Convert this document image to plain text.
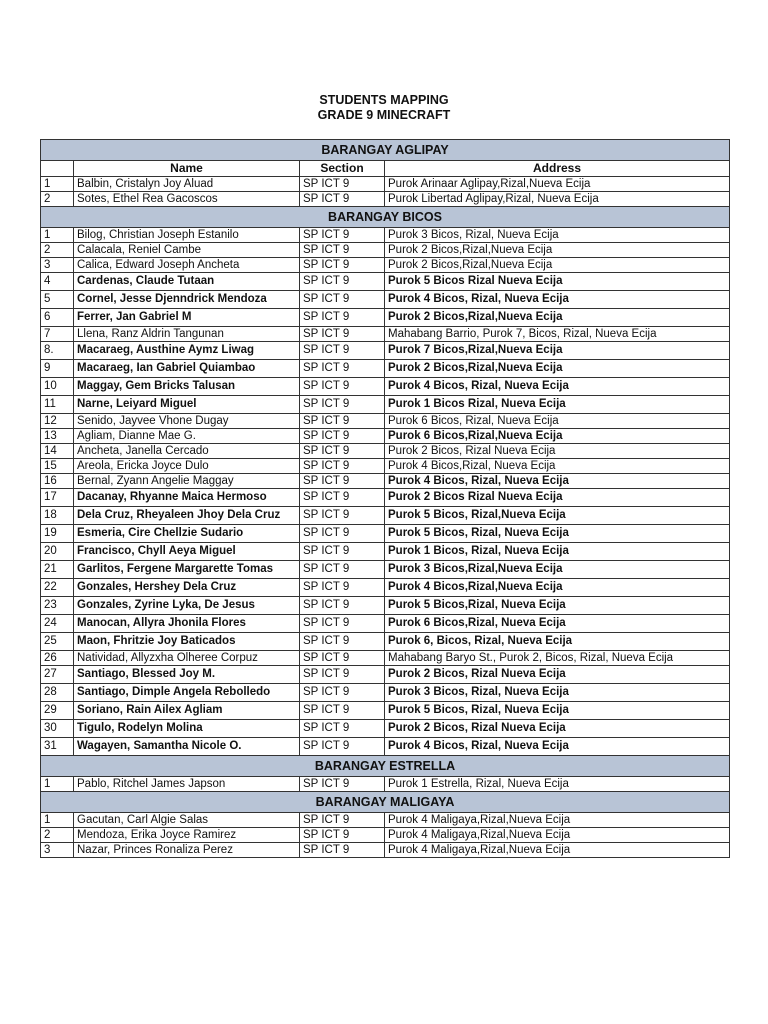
STUDENTS MAPPING
GRADE 9 MINECRAFT
BARANGAY AGLIPAY			
	Name	Section	Address
1	Balbin, Cristalyn Joy Aluad	SP ICT 9	Purok Arinaar Aglipay,Rizal,Nueva Ecija
2	Sotes, Ethel Rea Gacoscos	SP ICT 9	Purok Libertad Aglipay,Rizal, Nueva Ecija
BARANGAY BICOS			
1	Bilog, Christian Joseph Estanilo	SP ICT 9	Purok 3 Bicos, Rizal, Nueva Ecija
2	Calacala, Reniel Cambe	SP ICT 9	Purok 2 Bicos,Rizal,Nueva Ecija
3	Calica, Edward Joseph Ancheta	SP ICT 9	Purok 2 Bicos,Rizal,Nueva Ecija
4	Cardenas, Claude Tutaan	SP ICT 9	Purok 5 Bicos Rizal Nueva Ecija
5	Cornel, Jesse Djenndrick Mendoza	SP ICT 9	Purok 4 Bicos, Rizal, Nueva Ecija
6	Ferrer, Jan Gabriel M	SP ICT 9	Purok 2 Bicos,Rizal,Nueva Ecija
7	Llena, Ranz Aldrin Tangunan	SP ICT 9	Mahabang Barrio, Purok 7, Bicos, Rizal, Nueva Ecija
8.	Macaraeg, Austhine Aymz Liwag	SP ICT 9	Purok 7 Bicos,Rizal,Nueva Ecija
9	Macaraeg, Ian Gabriel Quiambao	SP ICT 9	Purok 2 Bicos,Rizal,Nueva Ecija
10	Maggay, Gem Bricks Talusan	SP ICT 9	Purok 4 Bicos, Rizal, Nueva Ecija
11	Narne, Leiyard Miguel	SP ICT 9	Purok 1 Bicos Rizal, Nueva Ecija
12	Senido, Jayvee Vhone Dugay	SP ICT 9	Purok 6 Bicos, Rizal, Nueva Ecija
13	Agliam, Dianne Mae G.	SP ICT 9	Purok 6 Bicos,Rizal,Nueva Ecija
14	Ancheta, Janella Cercado	SP ICT 9	Purok 2 Bicos, Rizal Nueva Ecija
15	Areola, Ericka Joyce Dulo	SP ICT 9	Purok 4 Bicos,Rizal, Nueva Ecija
16	Bernal, Zyann Angelie Maggay	SP ICT 9	Purok 4 Bicos, Rizal, Nueva Ecija
17	Dacanay, Rhyanne Maica Hermoso	SP ICT 9	Purok 2 Bicos Rizal Nueva Ecija
18	Dela Cruz, Rheyaleen Jhoy Dela Cruz	SP ICT 9	Purok 5 Bicos, Rizal,Nueva Ecija
19	Esmeria, Cire Chellzie Sudario	SP ICT 9	Purok 5 Bicos, Rizal, Nueva Ecija
20	Francisco, Chyll Aeya Miguel	SP ICT 9	Purok 1 Bicos, Rizal, Nueva Ecija
21	Garlitos, Fergene Margarette Tomas	SP ICT 9	Purok 3 Bicos,Rizal,Nueva Ecija
22	Gonzales, Hershey Dela Cruz	SP ICT 9	Purok 4 Bicos,Rizal,Nueva Ecija
23	Gonzales, Zyrine Lyka, De Jesus	SP ICT 9	Purok 5 Bicos,Rizal, Nueva Ecija
24	Manocan, Allyra Jhonila Flores	SP ICT 9	Purok 6 Bicos,Rizal, Nueva Ecija
25	Maon, Fhritzie Joy Baticados	SP ICT 9	Purok 6, Bicos, Rizal, Nueva Ecija
26	Natividad, Allyzxha Olheree Corpuz	SP ICT 9	Mahabang Baryo St., Purok 2, Bicos, Rizal, Nueva Ecija
27	Santiago, Blessed Joy M.	SP ICT 9	Purok 2 Bicos, Rizal Nueva Ecija
28	Santiago, Dimple Angela Rebolledo	SP ICT 9	Purok 3 Bicos, Rizal, Nueva Ecija
29	Soriano, Rain Ailex Agliam	SP ICT 9	Purok 5 Bicos, Rizal, Nueva Ecija
30	Tigulo, Rodelyn Molina	SP ICT 9	Purok 2 Bicos, Rizal Nueva Ecija
31	Wagayen, Samantha Nicole O.	SP ICT 9	Purok 4 Bicos, Rizal, Nueva Ecija
BARANGAY ESTRELLA			
1	Pablo, Ritchel James Japson	SP ICT 9	Purok 1 Estrella, Rizal, Nueva Ecija
BARANGAY MALIGAYA			
1	Gacutan, Carl Algie Salas	SP ICT 9	Purok 4 Maligaya,Rizal,Nueva Ecija
2	Mendoza, Erika Joyce Ramirez	SP ICT 9	Purok 4 Maligaya,Rizal,Nueva Ecija
3	Nazar, Princes Ronaliza Perez	SP ICT 9	Purok 4 Maligaya,Rizal,Nueva Ecija
